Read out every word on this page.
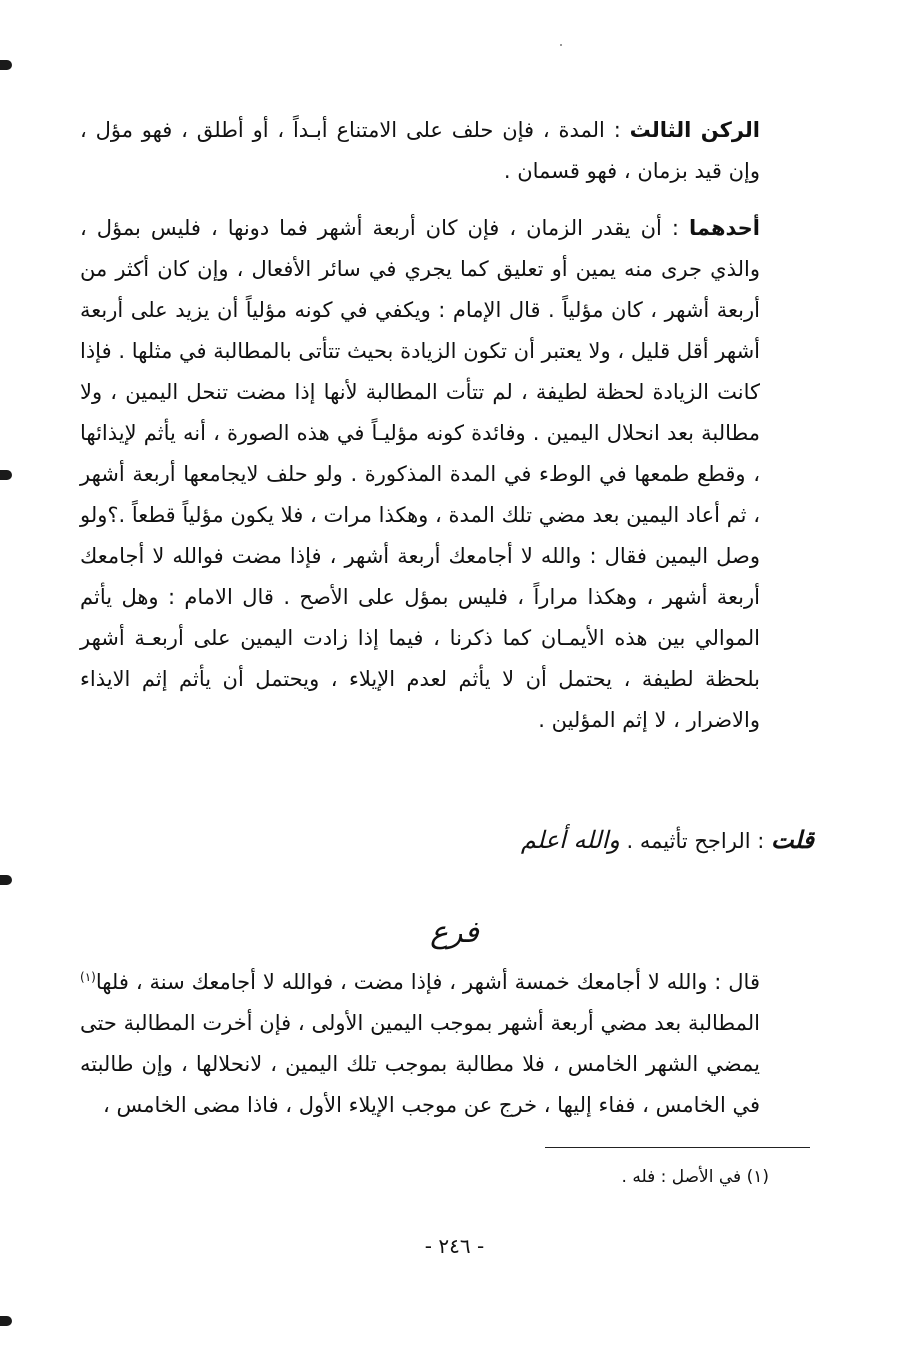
الركن الثالث : المدة ، فإن حلف على الامتناع أبـداً ، أو أطلق ، فهو مؤل ، وإن قيد بزمان ، فهو قسمان .

أحدهما : أن يقدر الزمان ، فإن كان أربعة أشهر فما دونها ، فليس بمؤل ، والذي جرى منه يمين أو تعليق كما يجري في سائر الأفعال ، وإن كان أكثر من أربعة أشهر ، كان مؤلياً . قال الإمام : ويكفي في كونه مؤلياً أن يزيد على أربعة أشهر أقل قليل ، ولا يعتبر أن تكون الزيادة بحيث تتأتى بالمطالبة في مثلها . فإذا كانت الزيادة لحظة لطيفة ، لم تتأت المطالبة لأنها إذا مضت تنحل اليمين ، ولا مطالبة بعد انحلال اليمين . وفائدة كونه مؤليـاً في هذه الصورة ، أنه يأثم لإيذائها ، وقطع طمعها في الوطء في المدة المذكورة . ولو حلف لايجامعها أربعة أشهر ، ثم أعاد اليمين بعد مضي تلك المدة ، وهكذا مرات ، فلا يكون مؤلياً قطعاً .؟ولو وصل اليمين فقال : والله لا أجامعك أربعة أشهر ، فإذا مضت فوالله لا أجامعك أربعة أشهر ، وهكذا مراراً ، فليس بمؤل على الأصح . قال الامام : وهل يأثم الموالي بين هذه الأيمـان كما ذكرنا ، فيما إذا زادت اليمين على أربعـة أشهر بلحظة لطيفة ، يحتمل أن لا يأثم لعدم الإيلاء ، ويحتمل أن يأثم إثم الايذاء والاضرار ، لا إثم المؤلين .

قلت : الراجح تأثيمه . والله أعلم
فرع

قال : والله لا أجامعك خمسة أشهر ، فإذا مضت ، فوالله لا أجامعك سنة ، فلها$^{(١)}$ المطالبة بعد مضي أربعة أشهر بموجب اليمين الأولى ، فإن أخرت المطالبة حتى يمضي الشهر الخامس ، فلا مطالبة بموجب تلك اليمين ، لانحلالها ، وإن طالبته في الخامس ، ففاء إليها ، خرج عن موجب الإيلاء الأول ، فاذا مضى الخامس ،

(١) في الأصل : فله .
- ٢٤٦ -
